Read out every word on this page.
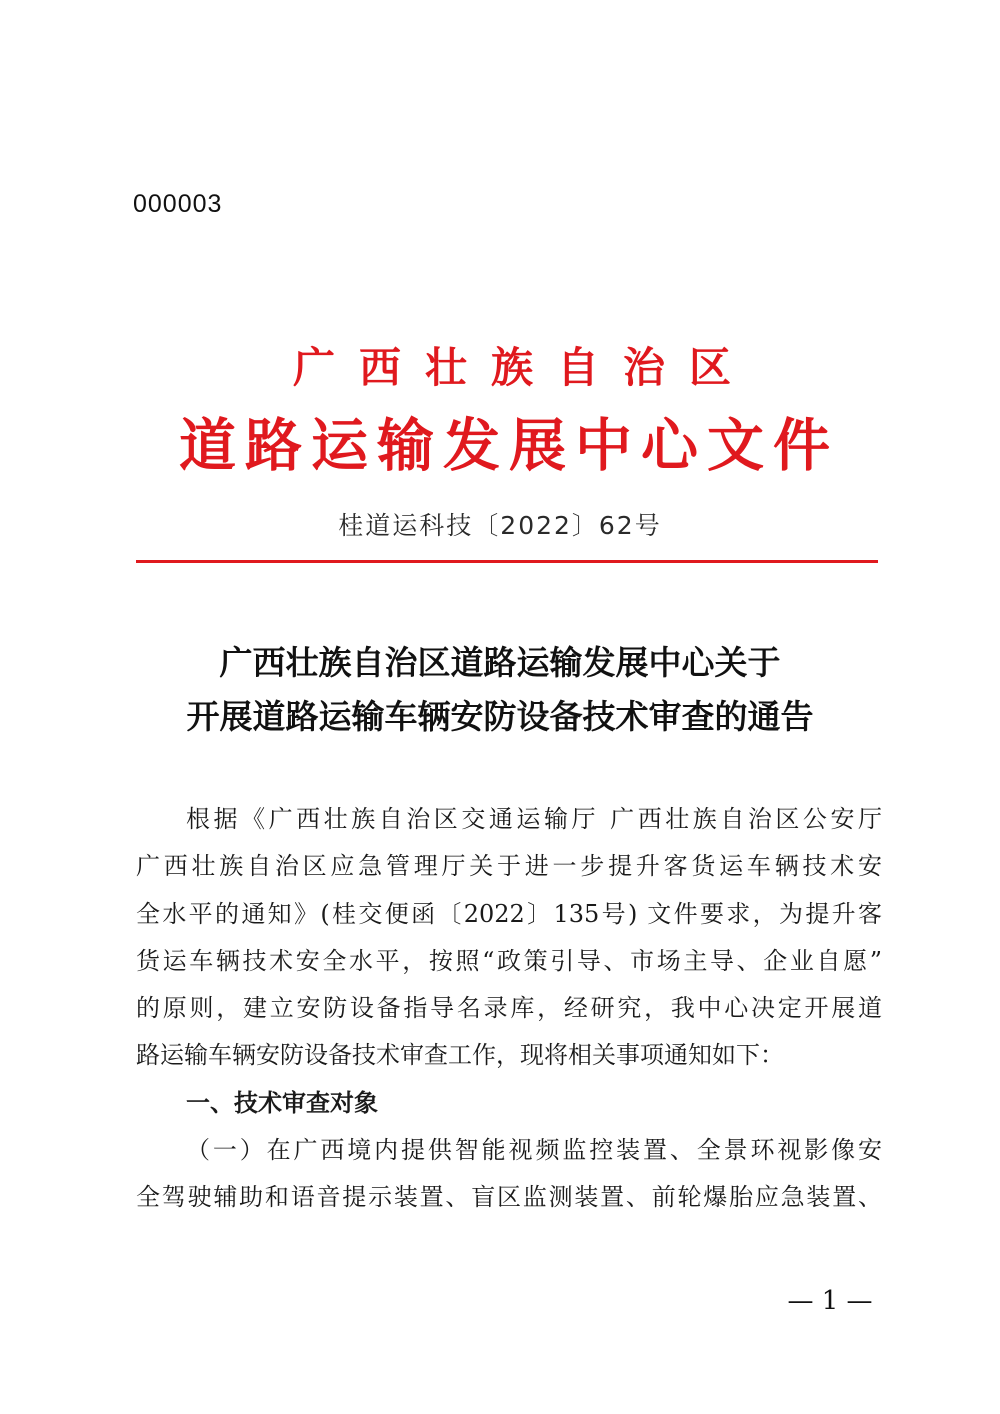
000003
广西壮族自治区
道路运输发展中心文件
桂道运科技〔2022〕62号
广西壮族自治区道路运输发展中心关于
开展道路运输车辆安防设备技术审查的通告
根据《广西壮族自治区交通运输厅 广西壮族自治区公安厅
广西壮族自治区应急管理厅关于进一步提升客货运车辆技术安
全水平的通知》(桂交便函〔2022〕135号) 文件要求，为提升客
货运车辆技术安全水平，按照“政策引导、市场主导、企业自愿”
的原则，建立安防设备指导名录库，经研究，我中心决定开展道
路运输车辆安防设备技术审查工作，现将相关事项通知如下：
一、技术审查对象
（一）在广西境内提供智能视频监控装置、全景环视影像安
全驾驶辅助和语音提示装置、盲区监测装置、前轮爆胎应急装置、
— 1 —
